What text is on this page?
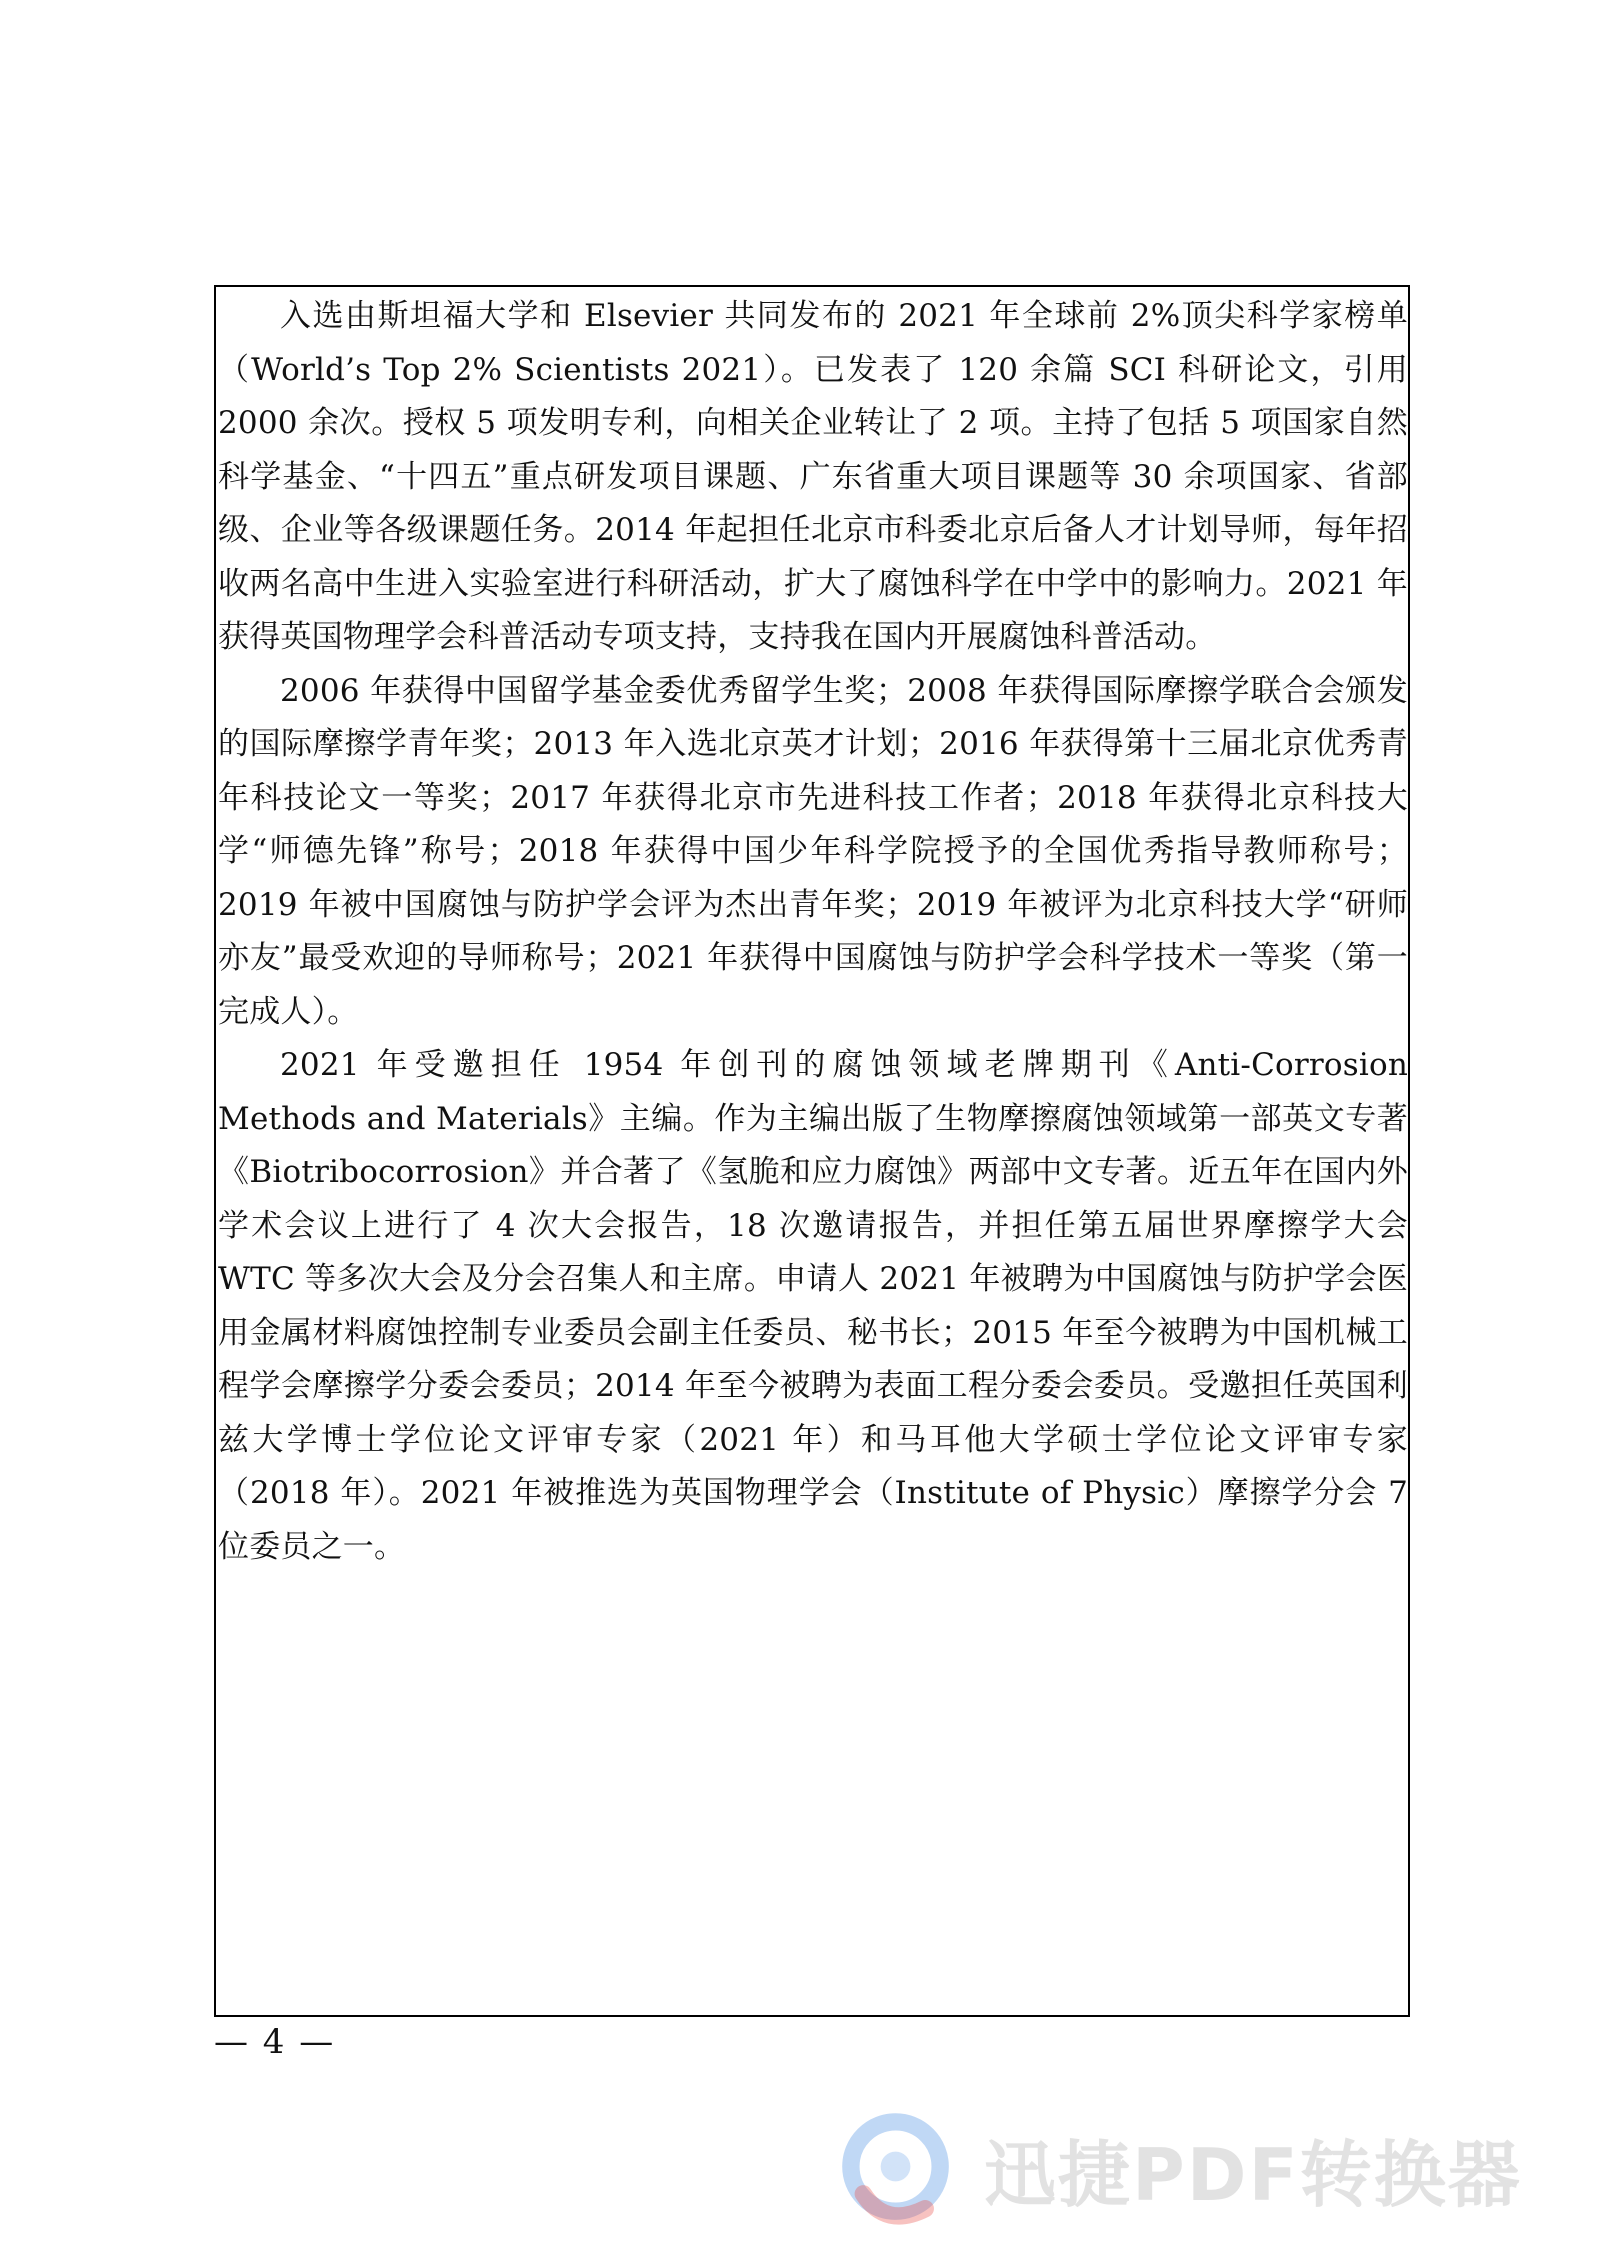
入选由斯坦福大学和 Elsevier 共同发布的 2021 年全球前 2%顶尖科学家榜单（World’s Top 2% Scientists 2021）。已发表了 120 余篇 SCI 科研论文，引用 2000 余次。授权 5 项发明专利，向相关企业转让了 2 项。主持了包括 5 项国家自然科学基金、“十四五”重点研发项目课题、广东省重大项目课题等 30 余项国家、省部级、企业等各级课题任务。2014 年起担任北京市科委北京后备人才计划导师，每年招收两名高中生进入实验室进行科研活动，扩大了腐蚀科学在中学中的影响力。2021 年获得英国物理学会科普活动专项支持，支持我在国内开展腐蚀科普活动。

2006 年获得中国留学基金委优秀留学生奖；2008 年获得国际摩擦学联合会颁发的国际摩擦学青年奖；2013 年入选北京英才计划；2016 年获得第十三届北京优秀青年科技论文一等奖；2017 年获得北京市先进科技工作者；2018 年获得北京科技大学“师德先锋”称号；2018 年获得中国少年科学院授予的全国优秀指导教师称号；2019 年被中国腐蚀与防护学会评为杰出青年奖；2019 年被评为北京科技大学“研师亦友”最受欢迎的导师称号；2021 年获得中国腐蚀与防护学会科学技术一等奖（第一完成人）。

2021 年受邀担任 1954 年创刊的腐蚀领域老牌期刊《Anti-Corrosion Methods and Materials》主编。作为主编出版了生物摩擦腐蚀领域第一部英文专著《Biotribocorrosion》并合著了《氢脆和应力腐蚀》两部中文专著。近五年在国内外学术会议上进行了 4 次大会报告，18 次邀请报告，并担任第五届世界摩擦学大会 WTC 等多次大会及分会召集人和主席。申请人 2021 年被聘为中国腐蚀与防护学会医用金属材料腐蚀控制专业委员会副主任委员、秘书长；2015 年至今被聘为中国机械工程学会摩擦学分委会委员；2014 年至今被聘为表面工程分委会委员。受邀担任英国利兹大学博士学位论文评审专家（2021 年）和马耳他大学硕士学位论文评审专家（2018 年）。2021 年被推选为英国物理学会（Institute of Physic）摩擦学分会 7 位委员之一。

— 4 —
迅捷PDF转换器
